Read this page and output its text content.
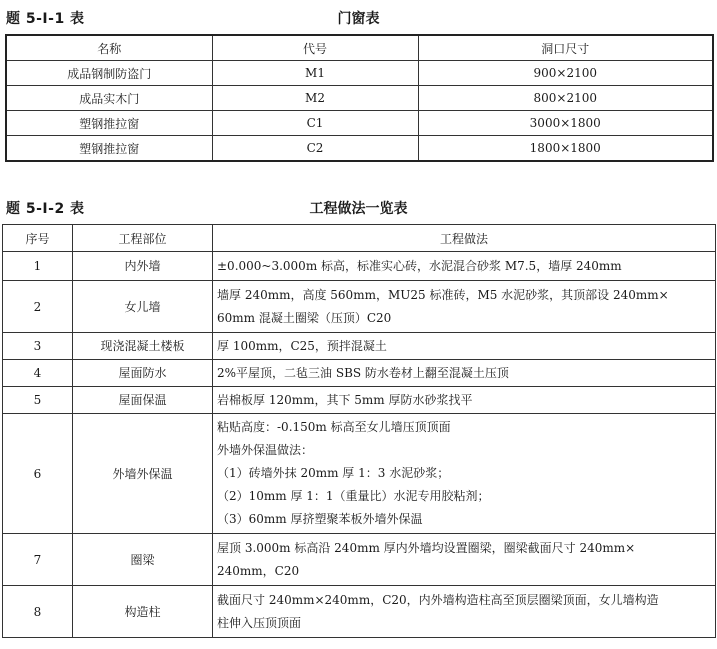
题 5-Ⅰ-1 表	门窗表
名称	代号	洞口尺寸
成品钢制防盗门	M1	900×2100
成品实木门	M2	800×2100
塑钢推拉窗	C1	3000×1800
塑钢推拉窗	C2	1800×1800
题 5-Ⅰ-2 表	工程做法一览表
序号	工程部位	工程做法
1	内外墙	±0.000~3.000m 标高，标准实心砖，水泥混合砂浆 M7.5，墙厚 240mm

2	女儿墙	墙厚 240mm，高度 560mm，MU25 标准砖，M5 水泥砂浆，其顶部设 240mm×
60mm 混凝土圈梁（压顶）C20

3	现浇混凝土楼板	厚 100mm，C25，预拌混凝土

4	屋面防水	2%平屋顶，二毡三油 SBS 防水卷材上翻至混凝土压顶

5	屋面保温	岩棉板厚 120mm，其下 5mm 厚防水砂浆找平

6	外墙外保温	粘贴高度：-0.150m 标高至女儿墙压顶顶面
外墙外保温做法：
（1）砖墙外抹 20mm 厚 1：3 水泥砂浆；
（2）10mm 厚 1：1（重量比）水泥专用胶粘剂；
（3）60mm 厚挤塑聚苯板外墙外保温

7	圈梁	屋顶 3.000m 标高沿 240mm 厚内外墙均设置圈梁，圈梁截面尺寸 240mm×
240mm，C20

8	构造柱	截面尺寸 240mm×240mm，C20，内外墙构造柱高至顶层圈梁顶面，女儿墙构造
柱伸入压顶顶面
